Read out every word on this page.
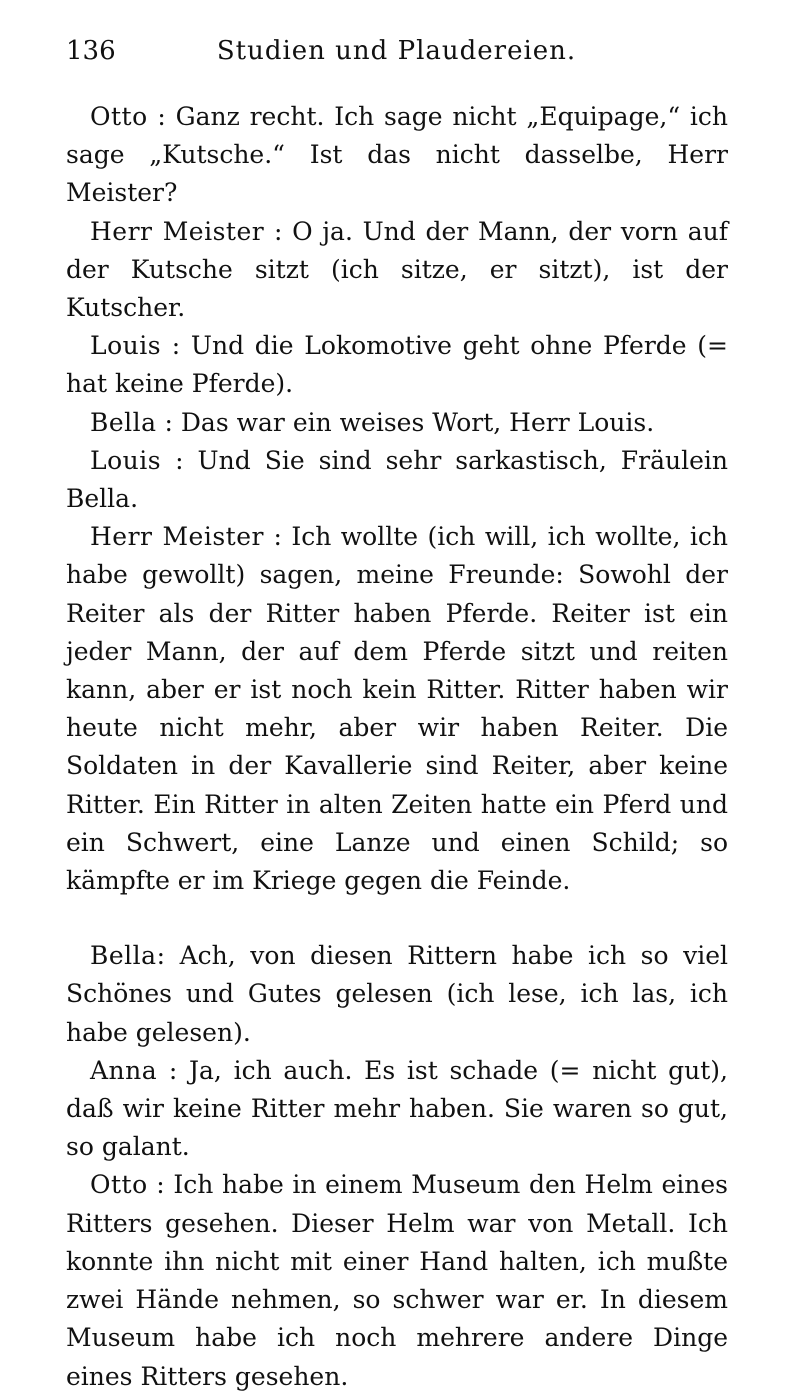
136	Studien und Plaudereien.

Otto : Ganz recht. Ich sage nicht „Equipage,“ ich sage „Kutsche.“ Ist das nicht dasselbe, Herr Meister?

Herr Meister : O ja. Und der Mann, der vorn auf der Kutsche sitzt (ich sitze, er sitzt), ist der Kutscher.

Louis : Und die Lokomotive geht ohne Pferde (= hat keine Pferde).

Bella : Das war ein weises Wort, Herr Louis.

Louis : Und Sie sind sehr sarkastisch, Fräulein Bella.

Herr Meister : Ich wollte (ich will, ich wollte, ich habe gewollt) sagen, meine Freunde: Sowohl der Reiter als der Ritter haben Pferde. Reiter ist ein jeder Mann, der auf dem Pferde sitzt und reiten kann, aber er ist noch kein Ritter. Ritter haben wir heute nicht mehr, aber wir haben Reiter. Die Soldaten in der Kavallerie sind Reiter, aber keine Ritter. Ein Ritter in alten Zeiten hatte ein Pferd und ein Schwert, eine Lanze und einen Schild; so kämpfte er im Kriege gegen die Feinde.

Bella: Ach, von diesen Rittern habe ich so viel Schönes und Gutes gelesen (ich lese, ich las, ich habe gelesen).

Anna : Ja, ich auch. Es ist schade (= nicht gut), daß wir keine Ritter mehr haben. Sie waren so gut, so galant.

Otto : Ich habe in einem Museum den Helm eines Ritters gesehen. Dieser Helm war von Metall. Ich konnte ihn nicht mit einer Hand halten, ich mußte zwei Hände nehmen, so schwer war er. In diesem Museum habe ich noch mehrere andere Dinge eines Ritters gesehen.
